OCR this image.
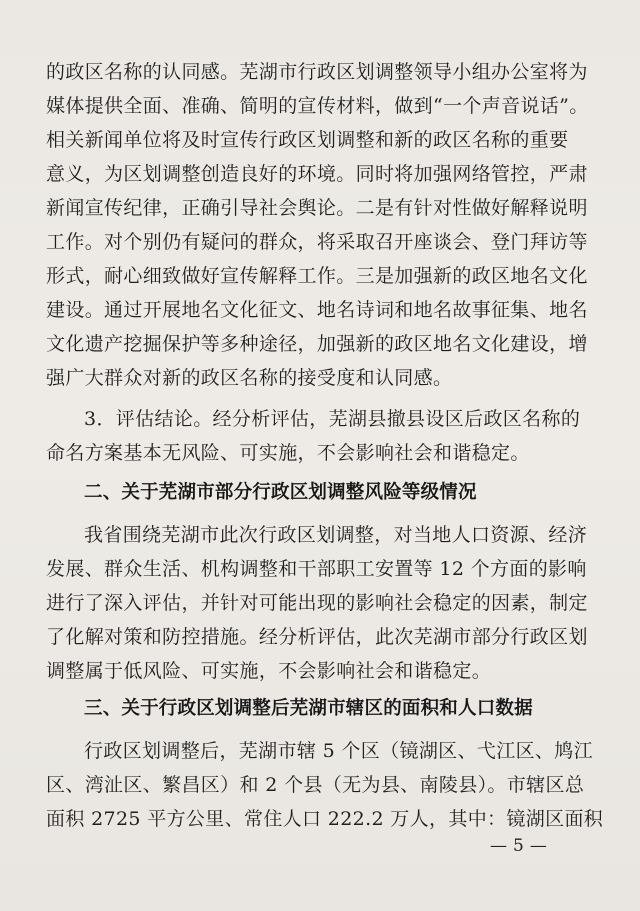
的政区名称的认同感。芜湖市行政区划调整领导小组办公室将为
媒体提供全面、准确、简明的宣传材料，做到“一个声音说话”。
相关新闻单位将及时宣传行政区划调整和新的政区名称的重要
意义，为区划调整创造良好的环境。同时将加强网络管控，严肃
新闻宣传纪律，正确引导社会舆论。二是有针对性做好解释说明
工作。对个别仍有疑问的群众，将采取召开座谈会、登门拜访等
形式，耐心细致做好宣传解释工作。三是加强新的政区地名文化
建设。通过开展地名文化征文、地名诗词和地名故事征集、地名
文化遗产挖掘保护等多种途径，加强新的政区地名文化建设，增
强广大群众对新的政区名称的接受度和认同感。
3．评估结论。经分析评估，芜湖县撤县设区后政区名称的
命名方案基本无风险、可实施，不会影响社会和谐稳定。
二、关于芜湖市部分行政区划调整风险等级情况
我省围绕芜湖市此次行政区划调整，对当地人口资源、经济
发展、群众生活、机构调整和干部职工安置等 12 个方面的影响
进行了深入评估，并针对可能出现的影响社会稳定的因素，制定
了化解对策和防控措施。经分析评估，此次芜湖市部分行政区划
调整属于低风险、可实施，不会影响社会和谐稳定。
三、关于行政区划调整后芜湖市辖区的面积和人口数据
行政区划调整后，芜湖市辖 5 个区（镜湖区、弋江区、鸠江
区、湾沚区、繁昌区）和 2 个县（无为县、南陵县）。市辖区总
面积 2725 平方公里、常住人口 222.2 万人，其中：镜湖区面积
— 5 —
